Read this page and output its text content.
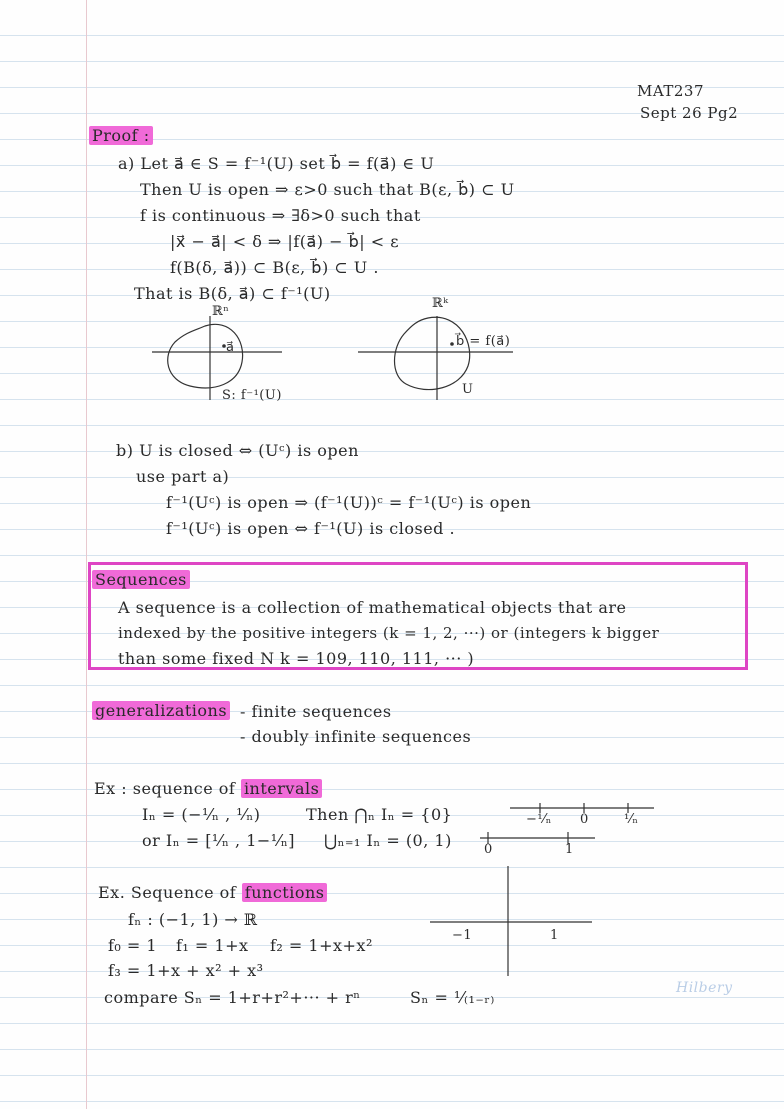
MAT237
Sept 26 Pg2
Proof :
a) Let a⃗ ∈ S = f⁻¹(U) set b⃗ = f(a⃗) ∈ U
Then U is open ⇒ ε>0 such that B(ε, b⃗) ⊂ U
f is continuous ⇒ ∃δ>0 such that
|x⃗ − a⃗| < δ ⇒ |f(a⃗) − b⃗| < ε
f(B(δ, a⃗)) ⊂ B(ε, b⃗) ⊂ U .
That is B(δ, a⃗) ⊂ f⁻¹(U)
ℝⁿ
a⃗
S: f⁻¹(U)
ℝᵏ
b⃗ = f(a⃗)
U
b) U is closed ⇔ (Uᶜ) is open
use part a)
f⁻¹(Uᶜ) is open ⇒ (f⁻¹(U))ᶜ = f⁻¹(Uᶜ) is open
f⁻¹(Uᶜ) is open ⇔ f⁻¹(U) is closed .
Sequences
A sequence is a collection of mathematical objects that are
indexed by the positive integers (k = 1, 2, ···) or (integers k bigger
than some fixed N k = 109, 110, 111, ··· )
generalizations - finite sequences
- doubly infinite sequences
Ex : sequence of intervals
Iₙ = (−¹⁄ₙ , ¹⁄ₙ)	Then ⋂ₙ Iₙ = {0}
or Iₙ = [¹⁄ₙ , 1−¹⁄ₙ] ⋃ₙ₌₁ Iₙ = (0, 1)
−¹⁄ₙ 0	¹⁄ₙ
0	1
Ex. Sequence of functions
fₙ : (−1, 1) → ℝ
f₀ = 1 f₁ = 1+x f₂ = 1+x+x²
f₃ = 1+x + x² + x³
compare Sₙ = 1+r+r²+··· + rⁿ	Sₙ = ¹⁄₍₁₋ᵣ₎
−1	1
Hilbery
